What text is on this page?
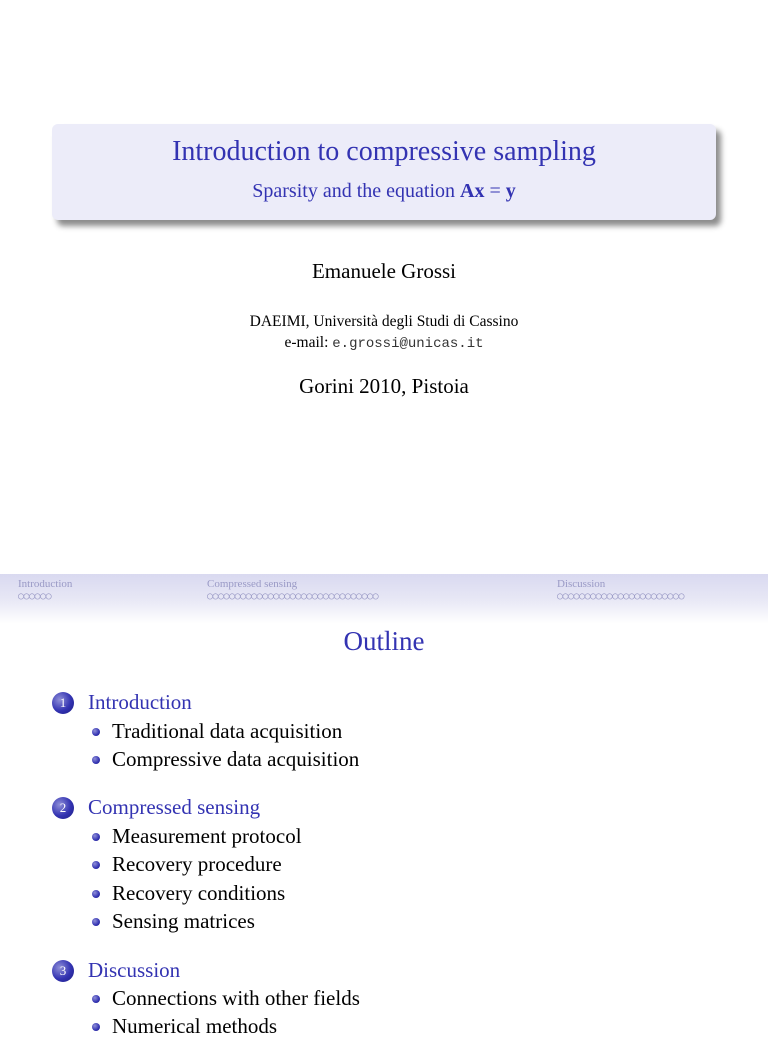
Introduction to compressive sampling
Sparsity and the equation Ax = y
Emanuele Grossi
DAEIMI, Università degli Studi di Cassino
e-mail: e.grossi@unicas.it
Gorini 2010, Pistoia
Introduction
○○○○○○
Compressed sensing
○○○○○○○○○○○○○○○○○○○○○○○○○○○○○○○
Discussion
○○○○○○○○○○○○○○○○○○○○○○○
Outline
1	Introduction
Traditional data acquisition
Compressive data acquisition
2	Compressed sensing
Measurement protocol
Recovery procedure
Recovery conditions
Sensing matrices
3	Discussion
Connections with other fields
Numerical methods
